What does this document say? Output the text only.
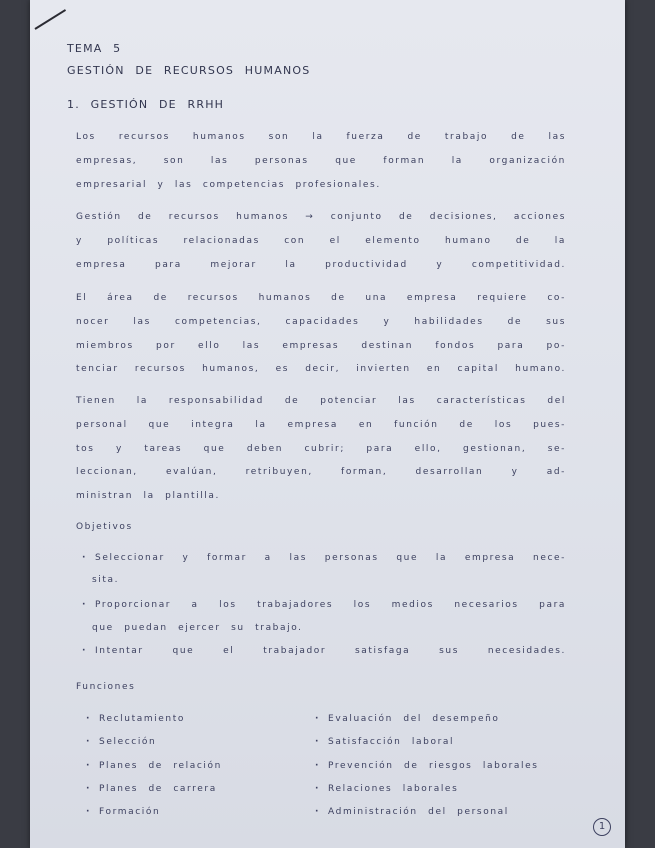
TEMA 5
GESTIÓN DE RECURSOS HUMANOS
1. GESTIÓN DE RRHH
Los recursos humanos son la fuerza de trabajo de las
empresas, son las personas que forman la organización
empresarial y las competencias profesionales.
Gestión de recursos humanos → conjunto de decisiones, acciones
y políticas relacionadas con el elemento humano de la
empresa para mejorar la productividad y competitividad.
El área de recursos humanos de una empresa requiere co-
nocer las competencias, capacidades y habilidades de sus
miembros por ello las empresas destinan fondos para po-
tenciar recursos humanos, es decir, invierten en capital humano.
Tienen la responsabilidad de potenciar las características del
personal que integra la empresa en función de los pues-
tos y tareas que deben cubrir; para ello, gestionan, se-
leccionan, evalúan, retribuyen, forman, desarrollan y ad-
ministran la plantilla.
Objetivos
· Seleccionar y formar a las personas que la empresa nece-
sita.
· Proporcionar a los trabajadores los medios necesarios para
que puedan ejercer su trabajo.
· Intentar que el trabajador satisfaga sus necesidades.
Funciones
· Reclutamiento
· Selección
· Planes de relación
· Planes de carrera
· Formación
· Evaluación del desempeño
· Satisfacción laboral
· Prevención de riesgos laborales
· Relaciones laborales
· Administración del personal
1
